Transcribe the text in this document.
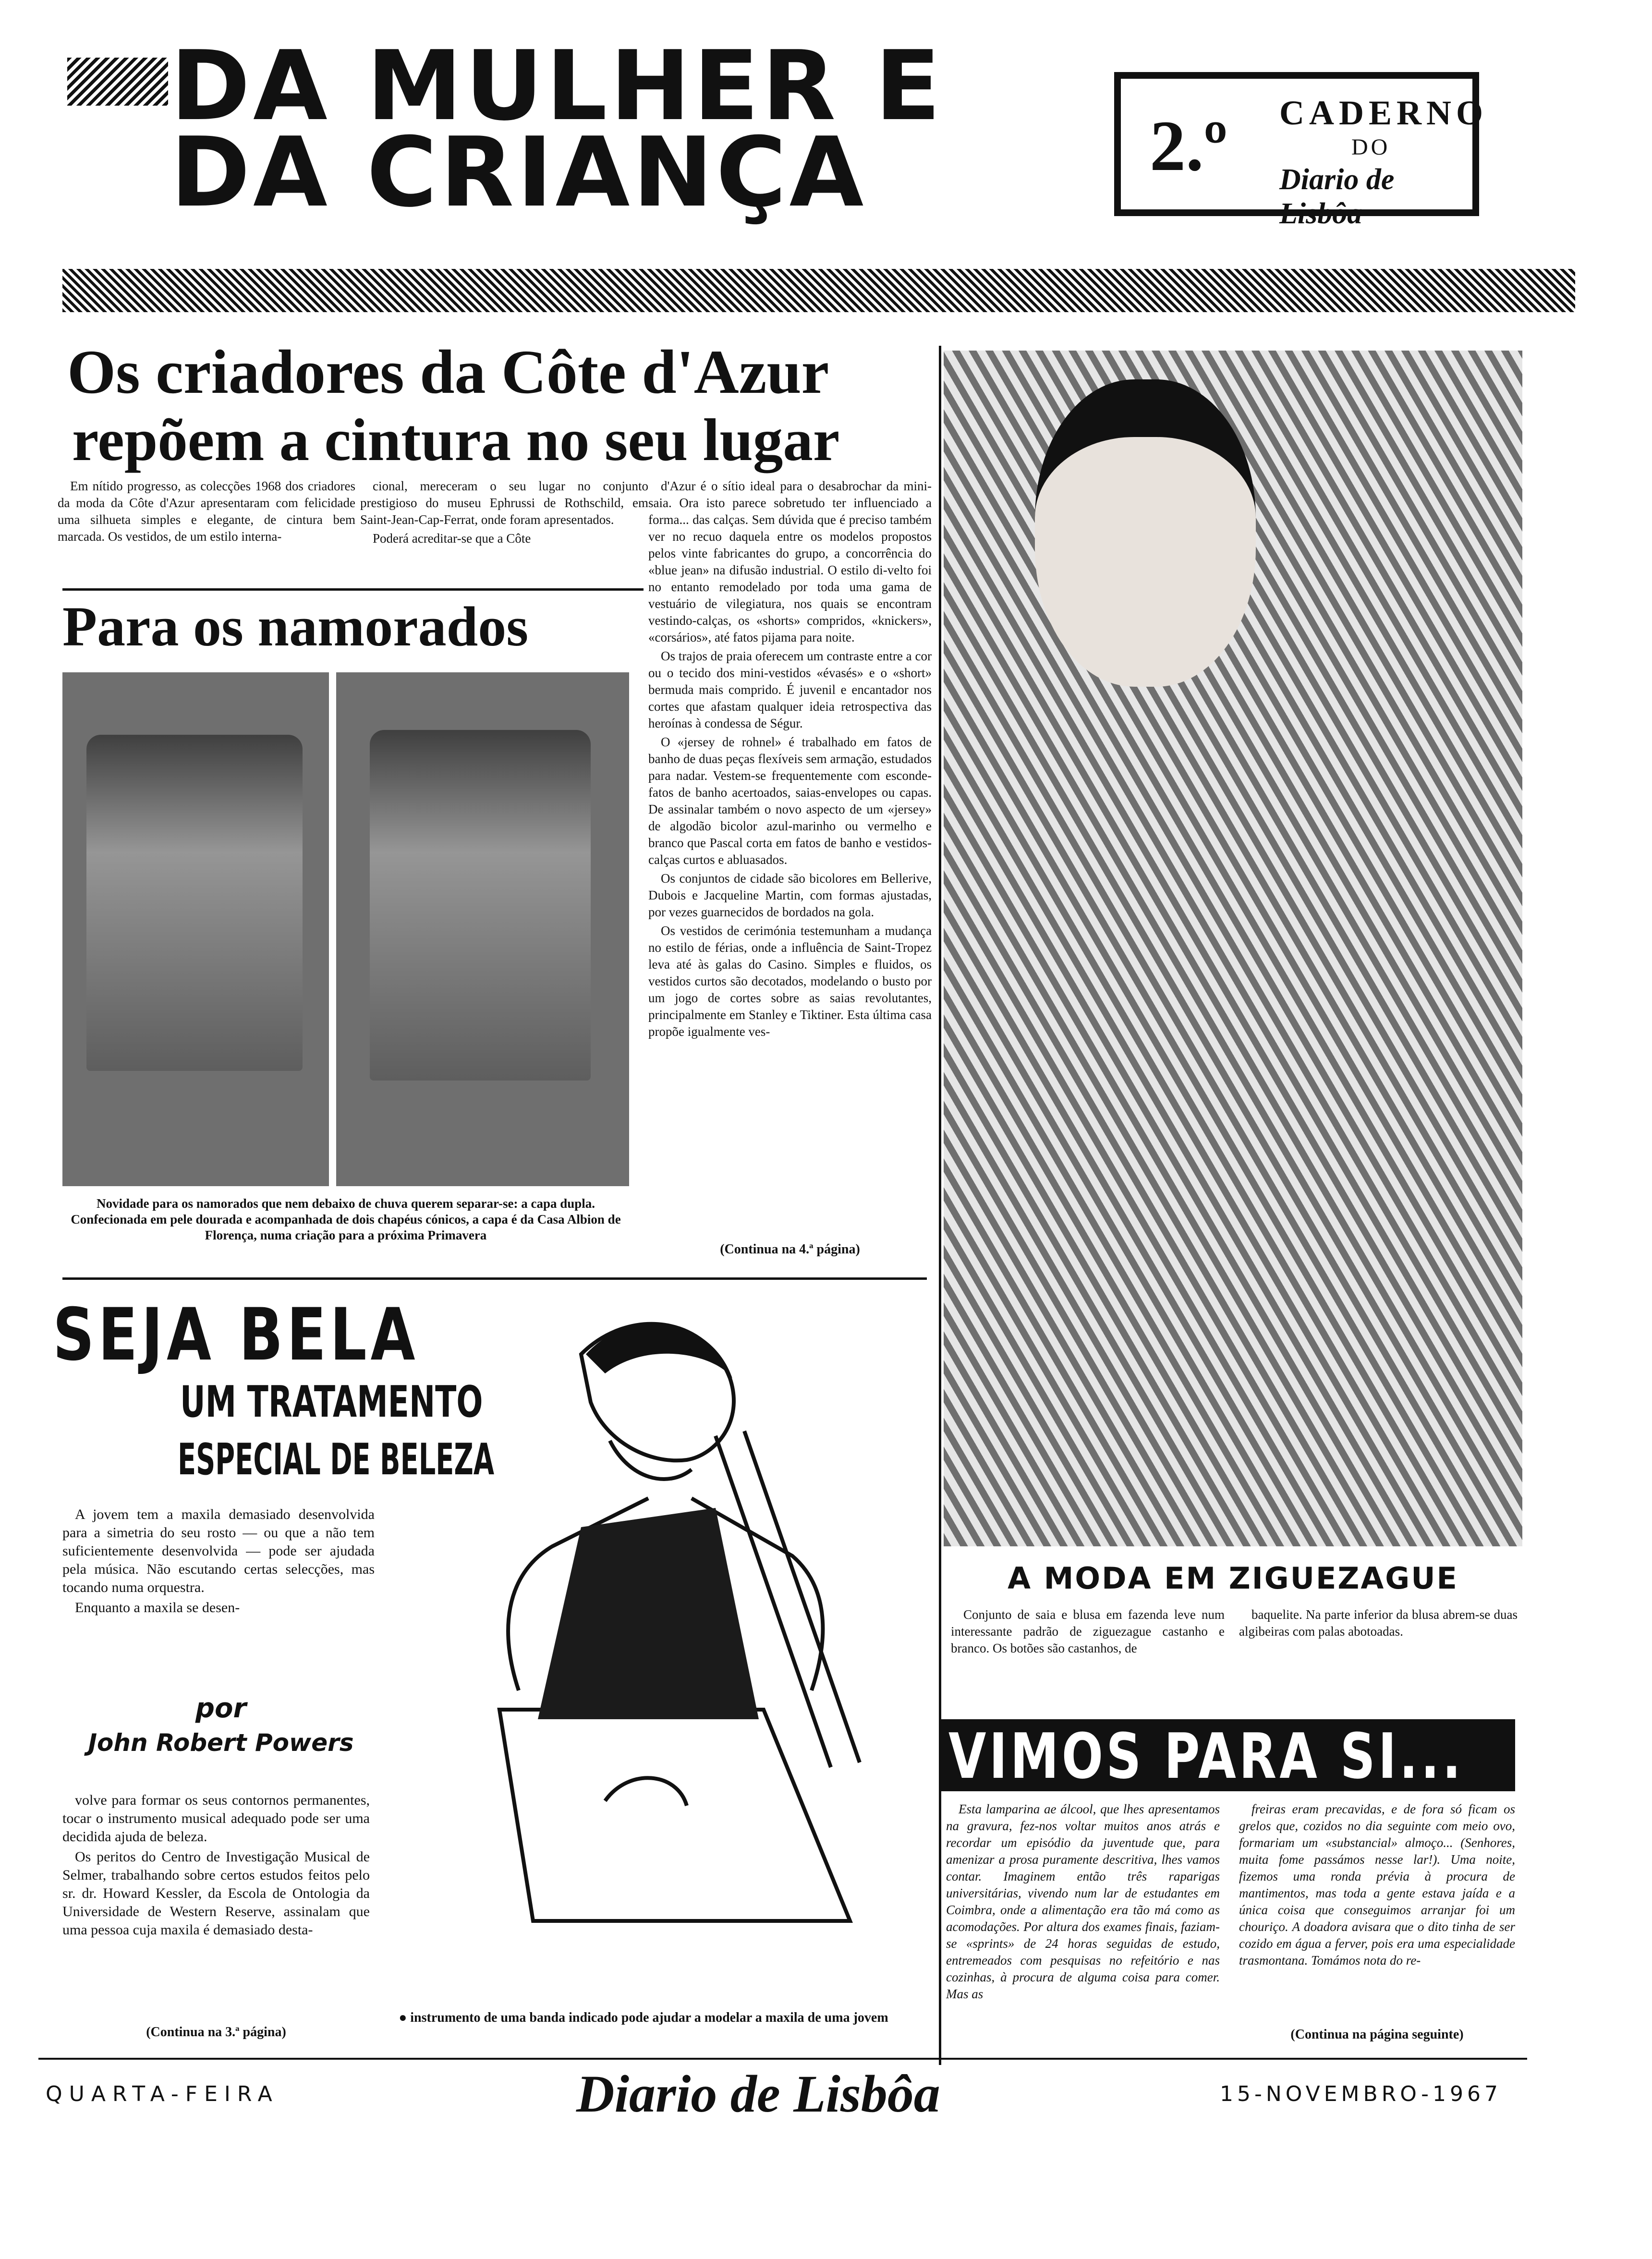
DA MULHER E
DA CRIANÇA	2.º CADERNO
DO
Diario de Lisbôa
Os criadores da Côte d'Azur
repõem a cintura no seu lugar

Em nítido progresso, as colecções 1968 dos criadores da moda da Côte d'Azur apresentaram com felicidade uma silhueta simples e elegante, de cintura bem marcada. Os vestidos, de um estilo interna-

cional, mereceram o seu lugar no conjunto prestigioso do museu Ephrussi de Rothschild, em Saint-Jean-Cap-Ferrat, onde foram apresentados.

Poderá acreditar-se que a Côte

d'Azur é o sítio ideal para o desabrochar da mini-saia. Ora isto parece sobretudo ter influenciado a forma... das calças. Sem dúvida que é preciso também ver no recuo daquela entre os modelos propostos pelos vinte fabricantes do grupo, a concorrência do «blue jean» na difusão industrial. O estilo di-velto foi no entanto remodelado por toda uma gama de vestuário de vilegiatura, nos quais se encontram vestindo-calças, os «shorts» compridos, «knickers», «corsários», até fatos pijama para noite.

Os trajos de praia oferecem um contraste entre a cor ou o tecido dos mini-vestidos «évasés» e o «short» bermuda mais comprido. É juvenil e encantador nos cortes que afastam qualquer ideia retrospectiva das heroínas à condessa de Ségur.

O «jersey de rohnel» é trabalhado em fatos de banho de duas peças flexíveis sem armação, estudados para nadar. Vestem-se frequentemente com esconde-fatos de banho acertoados, saias-envelopes ou capas. De assinalar também o novo aspecto de um «jersey» de algodão bicolor azul-marinho ou vermelho e branco que Pascal corta em fatos de banho e vestidos-calças curtos e abluasados.

Os conjuntos de cidade são bicolores em Bellerive, Dubois e Jacqueline Martin, com formas ajustadas, por vezes guarnecidos de bordados na gola.

Os vestidos de cerimónia testemunham a mudança no estilo de férias, onde a influência de Saint-Tropez leva até às galas do Casino. Simples e fluidos, os vestidos curtos são decotados, modelando o busto por um jogo de cortes sobre as saias revolutantes, principalmente em Stanley e Tiktiner. Esta última casa propõe igualmente ves-

(Continua na 4.ª página)
Para os namorados
Novidade para os namorados que nem debaixo de chuva querem separar-se: a capa dupla. Confecionada em pele dourada e acompanhada de dois chapéus cónicos, a capa é da Casa Albion de Florença, numa criação para a próxima Primavera
A MODA EM ZIGUEZAGUE

Conjunto de saia e blusa em fazenda leve num interessante padrão de ziguezague castanho e branco. Os botões são castanhos, de

baquelite. Na parte inferior da blusa abrem-se duas algibeiras com palas abotoadas.

SEJA BELA
UM TRATAMENTO
ESPECIAL DE BELEZA

A jovem tem a maxila demasiado desenvolvida para a simetria do seu rosto — ou que a não tem suficientemente desenvolvida — pode ser ajudada pela música. Não escutando certas selecções, mas tocando numa orquestra.

Enquanto a maxila se desen-

por
John Robert Powers

volve para formar os seus contornos permanentes, tocar o instrumento musical adequado pode ser uma decidida ajuda de beleza.

Os peritos do Centro de Investigação Musical de Selmer, trabalhando sobre certos estudos feitos pelo sr. dr. Howard Kessler, da Escola de Ontologia da Universidade de Western Reserve, assinalam que uma pessoa cuja maxila é demasiado desta-

(Continua na 3.ª página)
● instrumento de uma banda indicado pode ajudar a modelar a maxila de uma jovem
VIMOS PARA SI...

Esta lamparina ae álcool, que lhes apresentamos na gravura, fez-nos voltar muitos anos atrás e recordar um episódio da juventude que, para amenizar a prosa puramente descritiva, lhes vamos contar. Imaginem então três raparigas universitárias, vivendo num lar de estudantes em Coimbra, onde a alimentação era tão má como as acomodações. Por altura dos exames finais, faziam-se «sprints» de 24 horas seguidas de estudo, entremeados com pesquisas no refeitório e nas cozinhas, à procura de alguma coisa para comer. Mas as

freiras eram precavidas, e de fora só ficam os grelos que, cozidos no dia seguinte com meio ovo, formariam um «substancial» almoço... (Senhores, muita fome passámos nesse lar!). Uma noite, fizemos uma ronda prévia à procura de mantimentos, mas toda a gente estava jaída e a única coisa que conseguimos arranjar foi um chouriço. A doadora avisara que o dito tinha de ser cozido em água a ferver, pois era uma especialidade trasmontana. Tomámos nota do re-

(Continua na página seguinte)
QUARTA-FEIRA	Diario de Lisbôa	15-NOVEMBRO-1967
